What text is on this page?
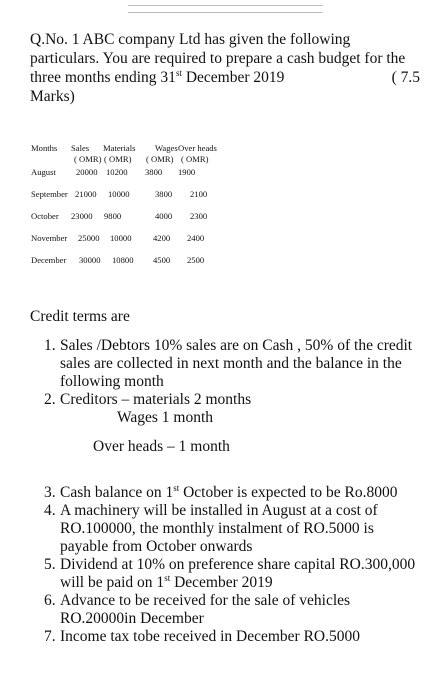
Q.No. 1 ABC company Ltd has given the following particulars. You are required to prepare a cash budget for the three months ending 31st December 2019	( 7.5

Marks)
Months Sales Materials Wages Over heads
( OMR) ( OMR) ( OMR) ( OMR)
August 20000 10200 3800 1900
September 21000 10000	3800 2100
October 23000 9800	4000 2300
November 25000 10000	4200 2400
December 30000 10800 4500 2500

Credit terms are

1. Sales /Debtors 10% sales are on Cash , 50% of the credit sales are collected in next month and the balance in the following month

2. Creditors – materials 2 months

Wages 1 month

Over heads – 1 month

3. Cash balance on 1st October is expected to be Ro.8000

4. A machinery will be installed in August at a cost of RO.100000, the monthly instalment of RO.5000 is payable from October onwards

5. Dividend at 10% on preference share capital RO.300,000 will be paid on 1st December 2019

6. Advance to be received for the sale of vehicles RO.20000in December

7. Income tax tobe received in December RO.5000
